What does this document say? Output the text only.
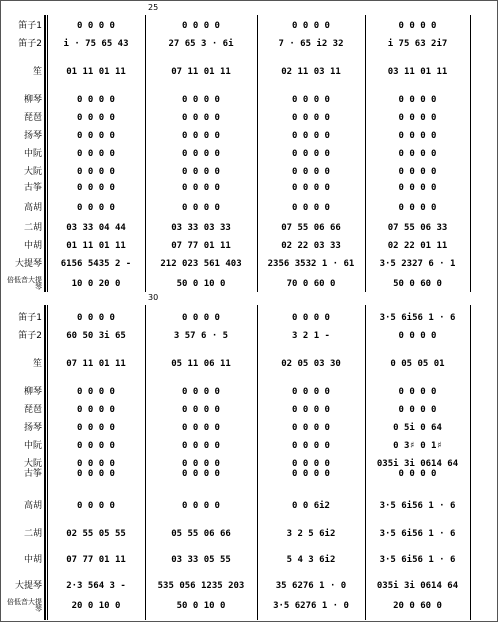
25
笛子1	0 0 0 0	0 0 0 0	0 0 0 0	0 0 0 0
笛子2 i · 75 65 43	27 65 3 · 6i	7 · 65 i2 32	i 75 63 2i7
笙	01 11 01 11	07 11 01 11	02 11 03 11	03 11 01 11
柳琴	0 0 0 0	0 0 0 0	0 0 0 0	0 0 0 0
琵琶	0 0 0 0	0 0 0 0	0 0 0 0	0 0 0 0
扬琴	0 0 0 0	0 0 0 0	0 0 0 0	0 0 0 0
中阮	0 0 0 0	0 0 0 0	0 0 0 0	0 0 0 0
大阮	0 0 0 0	0 0 0 0	0 0 0 0	0 0 0 0
古筝	0 0 0 0	0 0 0 0	0 0 0 0	0 0 0 0
高胡	0 0 0 0	0 0 0 0	0 0 0 0	0 0 0 0
二胡	03 33 04 44	03 33 03 33	07 55 06 66	07 55 06 33
中胡	01 11 01 11	07 77 01 11	02 22 03 33	02 22 01 11
大提琴 6156 5435 2 -	212 023 561 403	2356 3532 1 · 61	3·5 2327 6 · 1
倍低音大提琴	10 0 20 0	50 0 10 0	70 0 60 0	50 0 60 0
30
笛子1	0 0 0 0	0 0 0 0	0 0 0 0	3·5 6i56 1 · 6
笛子2	60 50 3i 65	3 57 6 · 5	3 2 1 -	0 0 0 0
笙	07 11 01 11	05 11 06 11	02 05 03 30	0 05 05 01
柳琴	0 0 0 0	0 0 0 0	0 0 0 0	0 0 0 0
琵琶	0 0 0 0	0 0 0 0	0 0 0 0	0 0 0 0
扬琴	0 0 0 0	0 0 0 0	0 0 0 0	0 5i 0 64
中阮	0 0 0 0	0 0 0 0	0 0 0 0	0 3♯ 0 1♯
大阮	0 0 0 0	0 0 0 0	0 0 0 0	035i 3i 0614 64
古筝	0 0 0 0	0 0 0 0	0 0 0 0	0 0 0 0
高胡	0 0 0 0	0 0 0 0	0 0 6i2	3·5 6i56 1 · 6
二胡	02 55 05 55	05 55 06 66	3 2 5 6i2	3·5 6i56 1 · 6
中胡	07 77 01 11	03 33 05 55	5 4 3 6i2	3·5 6i56 1 · 6
大提琴	2·3 564 3 -	535 056 1235 203	35 6276 1 · 0	035i 3i 0614 64
倍低音大提琴	20 0 10 0	50 0 10 0	3·5 6276 1 · 0	20 0 60 0
